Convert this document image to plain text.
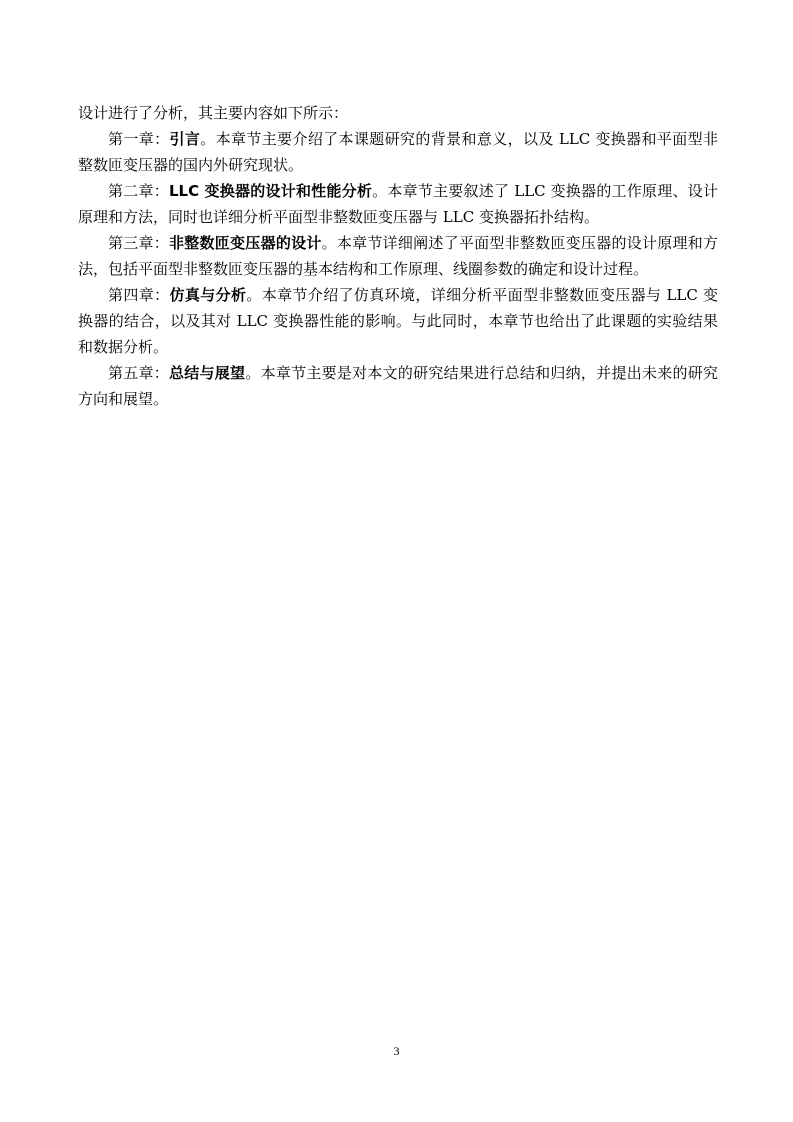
设计进行了分析，其主要内容如下所示：

第一章：引言。本章节主要介绍了本课题研究的背景和意义，以及 LLC 变换器和平面型非整数匝变压器的国内外研究现状。

第二章：LLC 变换器的设计和性能分析。本章节主要叙述了 LLC 变换器的工作原理、设计原理和方法，同时也详细分析平面型非整数匝变压器与 LLC 变换器拓扑结构。

第三章：非整数匝变压器的设计。本章节详细阐述了平面型非整数匝变压器的设计原理和方法，包括平面型非整数匝变压器的基本结构和工作原理、线圈参数的确定和设计过程。

第四章：仿真与分析。本章节介绍了仿真环境，详细分析平面型非整数匝变压器与 LLC 变换器的结合，以及其对 LLC 变换器性能的影响。与此同时，本章节也给出了此课题的实验结果和数据分析。

第五章：总结与展望。本章节主要是对本文的研究结果进行总结和归纳，并提出未来的研究方向和展望。

3
